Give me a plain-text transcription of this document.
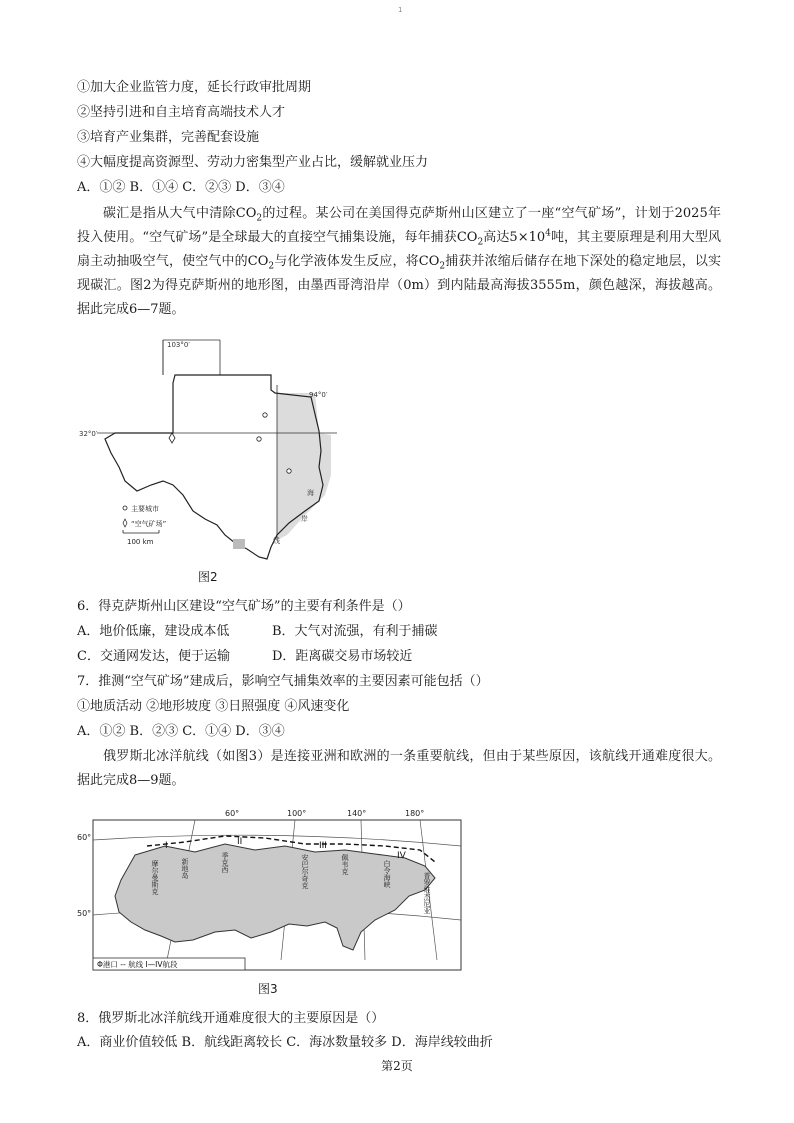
1
①加大企业监管力度，延长行政审批周期
②坚持引进和自主培育高端技术人才
③培育产业集群，完善配套设施
④大幅度提高资源型、劳动力密集型产业占比，缓解就业压力
A．①② B．①④ C．②③ D．③④

碳汇是指从大气中清除$CO_2$的过程。某公司在美国得克萨斯州山区建立了一座“空气矿场”，计划于2025年投入使用。“空气矿场”是全球最大的直接空气捕集设施，每年捕获$CO_2$高达$5\times 10^4$吨，其主要原理是利用大型风扇主动抽吸空气，使空气中的$CO_2$与化学液体发生反应，将$CO_2$捕获并浓缩后储存在地下深处的稳定地层，以实现碳汇。图2为得克萨斯州的地形图，由墨西哥湾沿岸（0m）到内陆最高海拔3555m，颜色越深，海拔越高。据此完成6—7题。

103°0′
94°0′
32°0′
海
岸
线
主要城市
“空气矿场”
100 km
图2
6．得克萨斯州山区建设“空气矿场”的主要有利条件是（）
A．地价低廉，建设成本低	B．大气对流强，有利于捕碳
C．交通网发达，便于运输	D．距离碳交易市场较近
7．推测“空气矿场”建成后，影响空气捕集效率的主要因素可能包括（）
①地质活动 ②地形坡度 ③日照强度 ④风速变化
A．①② B．②③ C．①④ D．③④

俄罗斯北冰洋航线（如图3）是连接亚洲和欧洲的一条重要航线，但由于某些原因，该航线开通难度很大。据此完成8—9题。

60°	100°	140°	180°
60°
50°
I	II	III
IV
摩尔曼斯克	新地岛	季克西	安巴尔奇克	佩韦克	白令海峡	普罗维杰尼亚
Φ港口 -- 航线 I—IV航段
图3
8．俄罗斯北冰洋航线开通难度很大的主要原因是（）
A．商业价值较低 B．航线距离较长 C．海冰数量较多 D．海岸线较曲折
第2页
